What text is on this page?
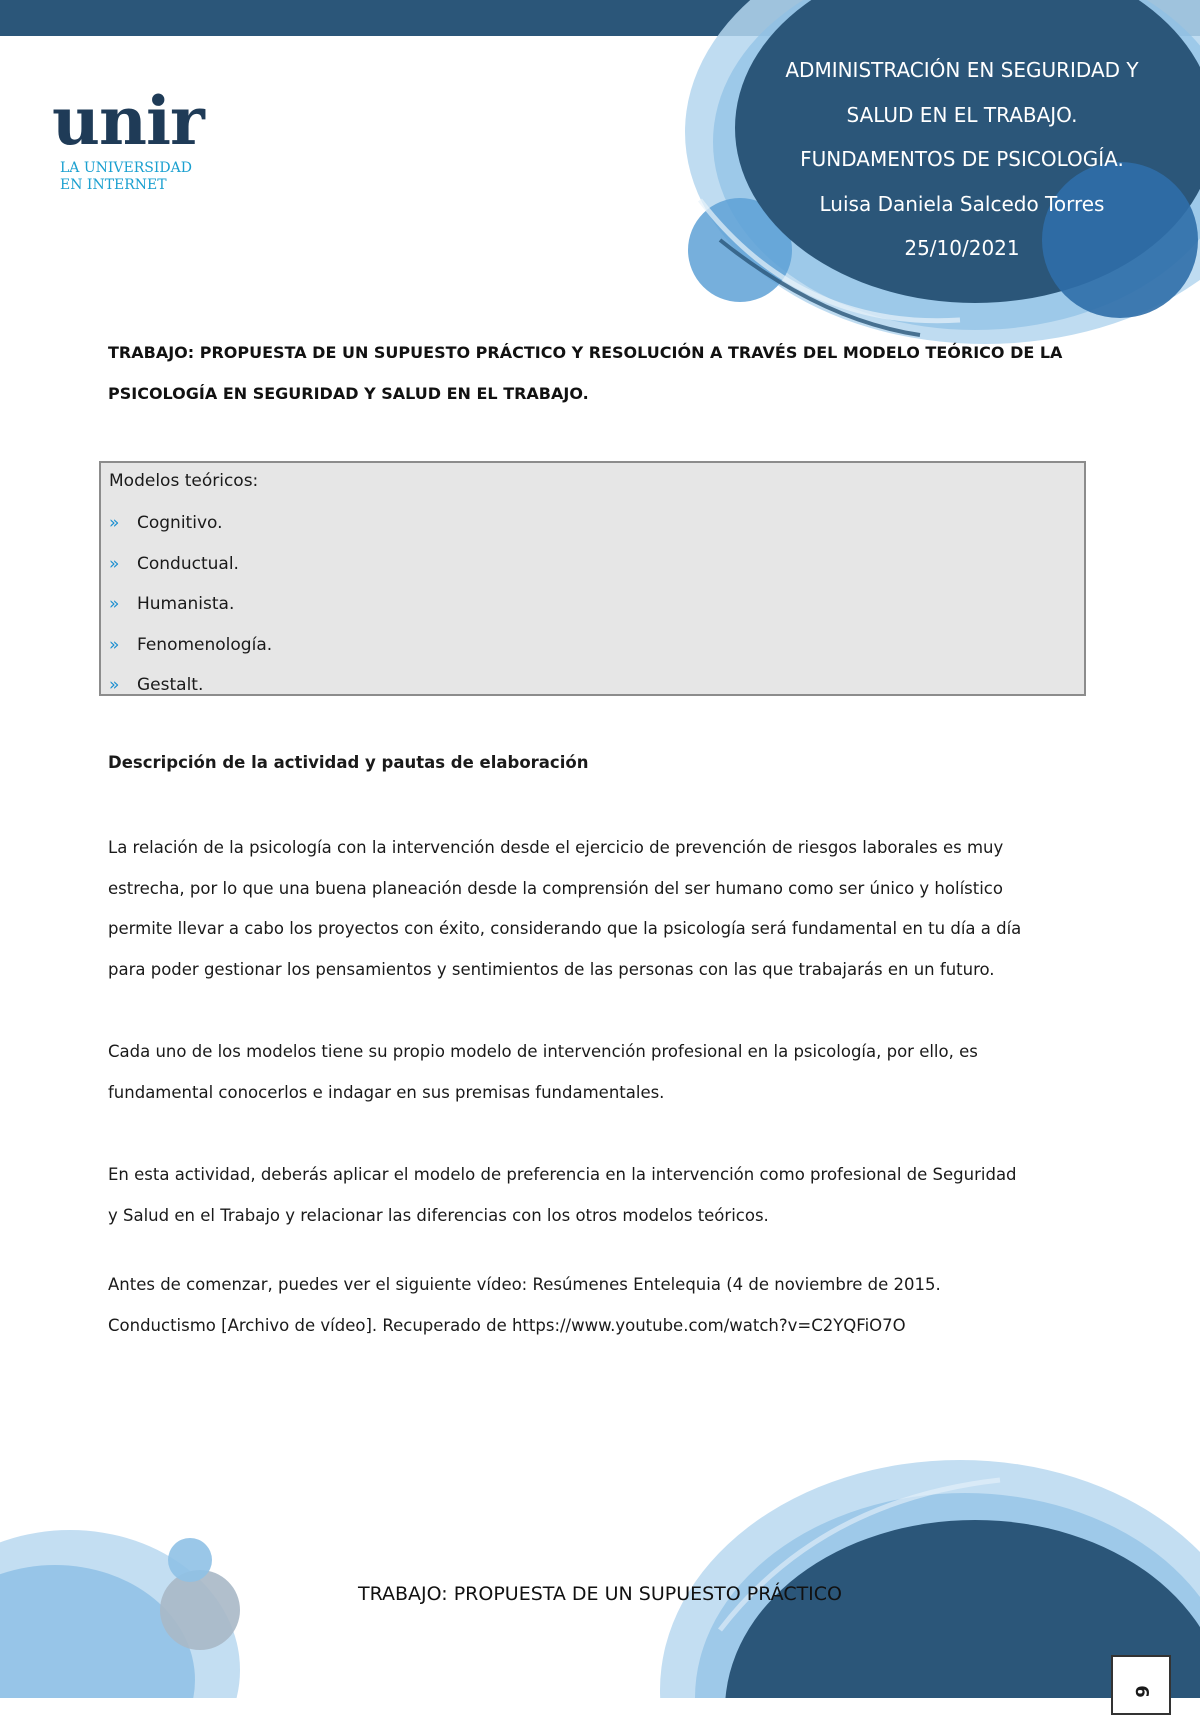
unir
LA UNIVERSIDAD
EN INTERNET
ADMINISTRACIÓN EN SEGURIDAD Y
SALUD EN EL TRABAJO.
FUNDAMENTOS DE PSICOLOGÍA.
Luisa Daniela Salcedo Torres
25/10/2021
TRABAJO: PROPUESTA DE UN SUPUESTO PRÁCTICO Y RESOLUCIÓN A TRAVÉS DEL MODELO TEÓRICO DE LA
PSICOLOGÍA EN SEGURIDAD Y SALUD EN EL TRABAJO.
Modelos teóricos:
» Cognitivo.
» Conductual.
» Humanista.
» Fenomenología.
» Gestalt.
Descripción de la actividad y pautas de elaboración
La relación de la psicología con la intervención desde el ejercicio de prevención de riesgos laborales es muy
estrecha, por lo que una buena planeación desde la comprensión del ser humano como ser único y holístico
permite llevar a cabo los proyectos con éxito, considerando que la psicología será fundamental en tu día a día
para poder gestionar los pensamientos y sentimientos de las personas con las que trabajarás en un futuro.
Cada uno de los modelos tiene su propio modelo de intervención profesional en la psicología, por ello, es
fundamental conocerlos e indagar en sus premisas fundamentales.
En esta actividad, deberás aplicar el modelo de preferencia en la intervención como profesional de Seguridad
y Salud en el Trabajo y relacionar las diferencias con los otros modelos teóricos.
Antes de comenzar, puedes ver el siguiente vídeo: Resúmenes Entelequia (4 de noviembre de 2015.
Conductismo [Archivo de vídeo]. Recuperado de https://www.youtube.com/watch?v=C2YQFiO7O
TRABAJO: PROPUESTA DE UN SUPUESTO PRÁCTICO
6
